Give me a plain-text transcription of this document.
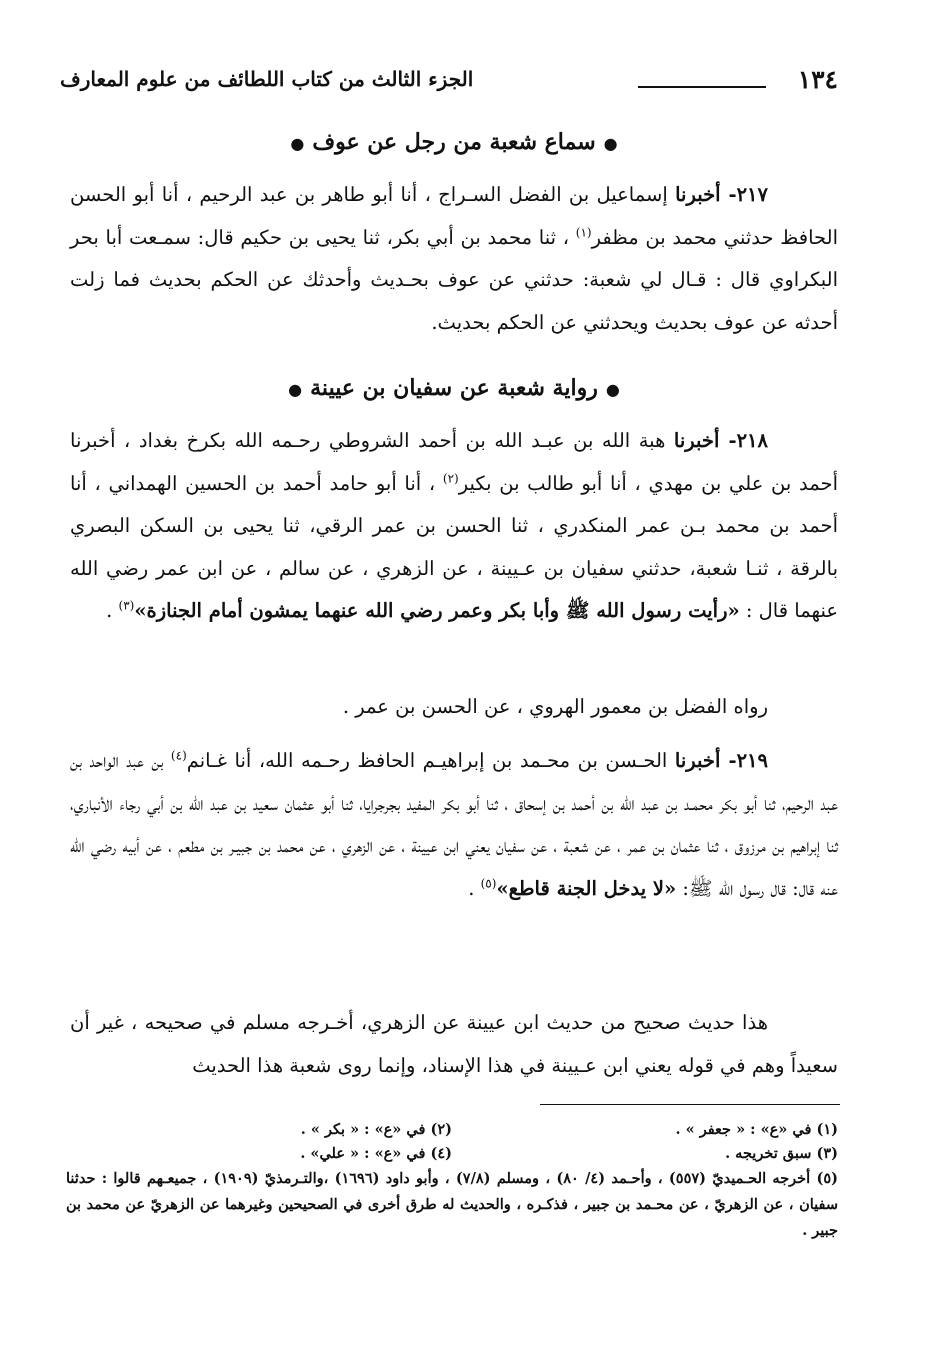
١٣٤
الجزء الثالث من كتاب اللطائف من علوم المعارف
●سماع شعبة من رجل عن عوف●

٢١٧- أخبرنا إسماعيل بن الفضل السـراج ، أنا أبو طاهر بن عبد الرحيم ، أنا أبو الحسن الحافظ حدثني محمد بن مظفر$^{(١)}$ ، ثنا محمد بن أبي بكر، ثنا يحيى بن حكيم قال: سمـعت أبا بحر البكراوي قال : قـال لي شعبة: حدثني عن عوف بحـديث وأحدثك عن الحكم بحديث فما زلت أحدثه عن عوف بحديث ويحدثني عن الحكم بحديث.

●رواية شعبة عن سفيان بن عيينة●

٢١٨- أخبرنا هبة الله بن عبـد الله بن أحمد الشروطي رحـمه الله بكرخ بغداد ، أخبرنا أحمد بن علي بن مهدي ، أنا أبو طالب بن بكير$^{(٢)}$ ، أنا أبو حامد أحمد بن الحسين الهمداني ، أنا أحمد بن محمد بـن عمر المنكدري ، ثنا الحسن بن عمر الرقي، ثنا يحيى بن السكن البصري بالرقة ، ثنـا شعبة، حدثني سفيان بن عـيينة ، عن الزهري ، عن سالم ، عن ابن عمر رضي الله عنهما قال : «رأيت رسول الله ﷺ وأبا بكر وعمر رضي الله عنهما يمشون أمام الجنازة»$^{(٣)}$ .

رواه الفضل بن معمور الهروي ، عن الحسن بن عمر .

٢١٩- أخبرنا الحـسن بن محـمد بن إبراهيـم الحافظ رحـمه الله، أنا غـانم$^{(٤)}$ بن عبد الواحد بن عبد الرحيم، ثنا أبو بكر محمـد بن عبد الله بن أحمد بن إسحاق ، ثنا أبو بكر المفيد بجرجرايا، ثنا أبو عثمان سعيد بن عبد الله بن أبي رجاء الأنباري، ثنا إبراهيم بن مرزوق ، ثنا عثمان بن عمر ، عن شعبة ، عن سفيان يعني ابن عيينة ، عن الزهري ، عن محمد بن جبيـر بن مطعم ، عن أبيه رضي الله عنه قال: قال رسول الله ﷺ: «لا يدخل الجنة قاطع»$^{(٥)}$ .

هذا حديث صحيح من حديث ابن عيينة عن الزهري، أخـرجه مسلم في صحيحه ، غير أن سعيداً وهم في قوله يعني ابن عـيينة في هذا الإسناد، وإنما روى شعبة هذا الحديث

(١) في «ع» : « جعفر » .
(٢) في «ع» : « بكر » .
(٣) سبق تخريجه .
(٤) في «ع» : « علي» .

(٥) أخرجه الحـميديّ (٥٥٧) ، وأحـمد (٤/ ٨٠) ، ومسلم (٧/٨) ، وأبو داود (١٦٩٦) ،والتـرمذيّ (١٩٠٩) ، جميعـهم قالوا : حدثنا سفيان ، عن الزهريّ ، عن محـمد بن جبير ، فذكـره ، والحديث له طرق أخرى في الصحيحين وغيرهما عن الزهريّ عن محمد بن جبير .
